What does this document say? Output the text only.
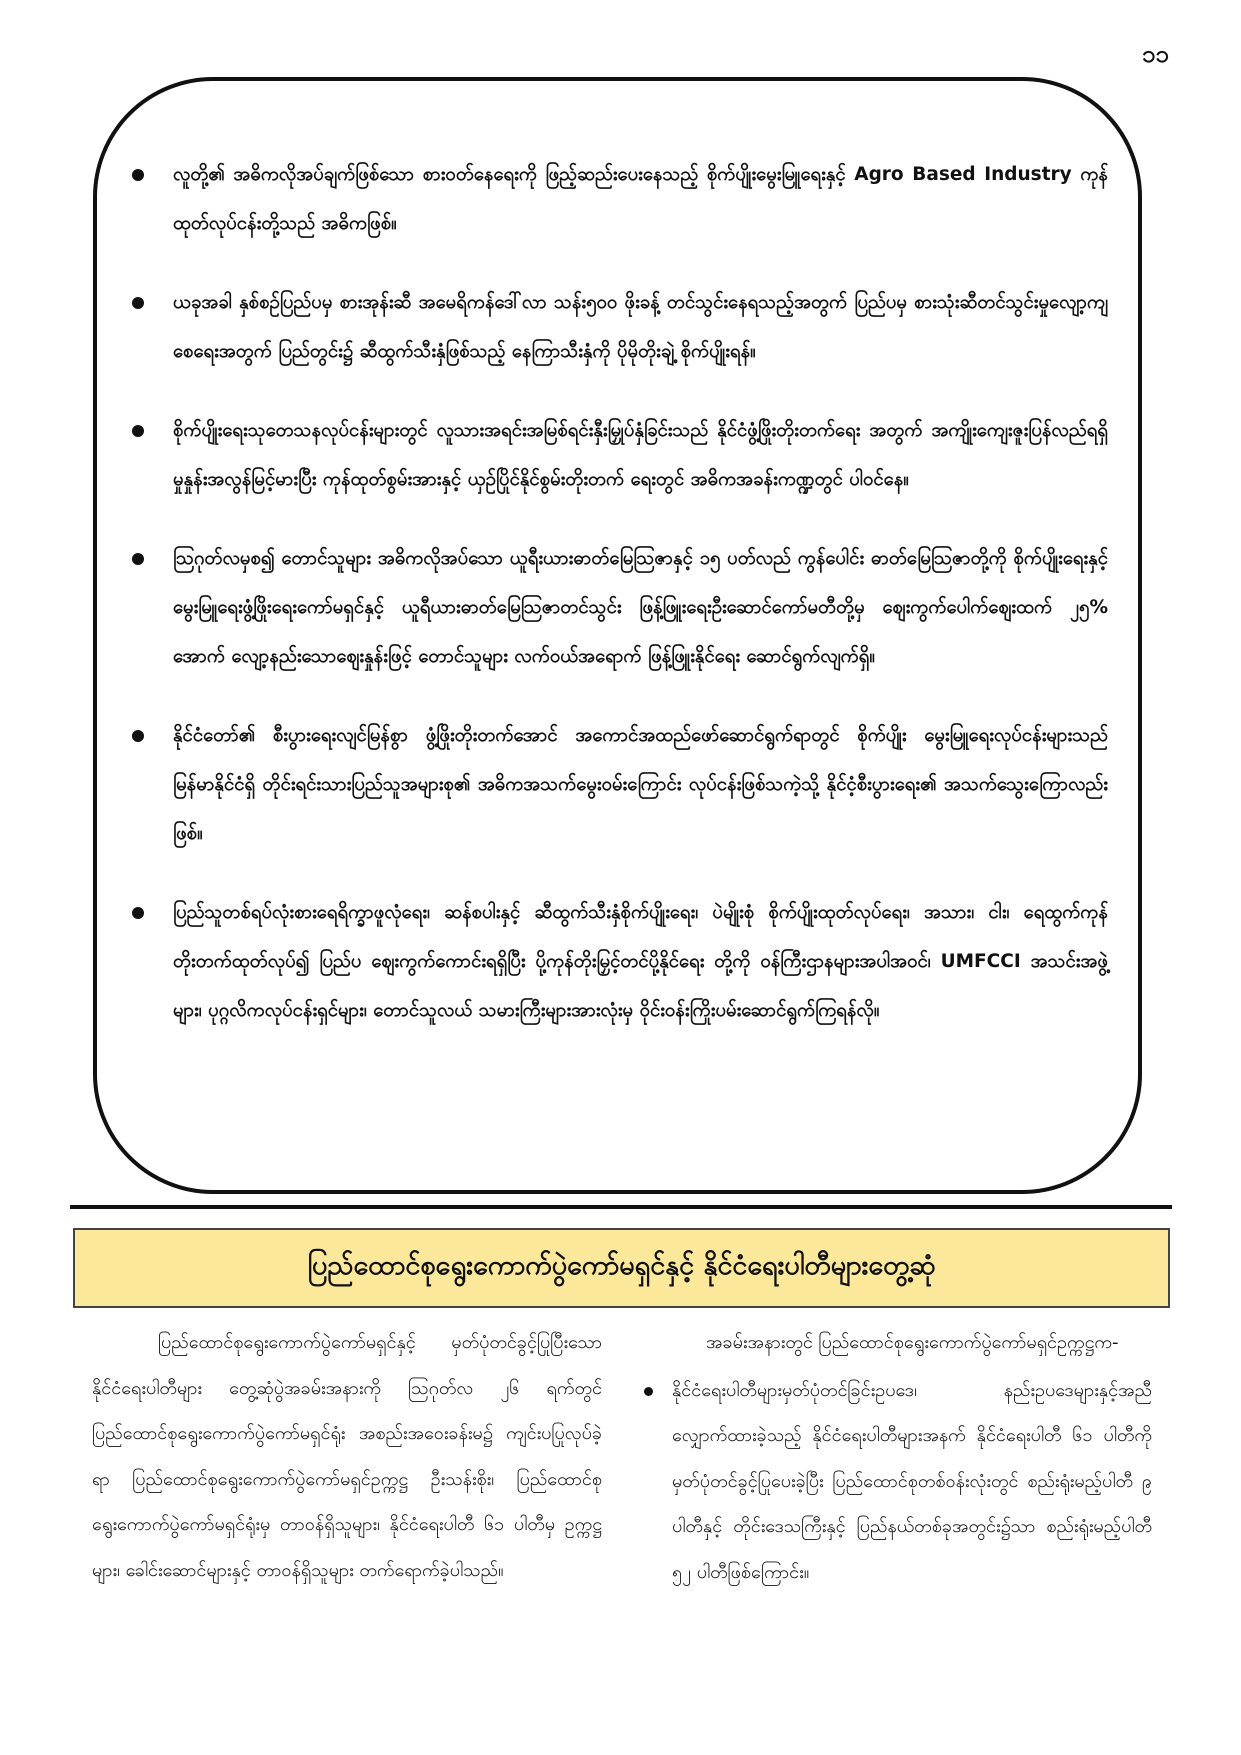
၁၁
လူတို့၏ အဓိကလိုအပ်ချက်ဖြစ်သော စားဝတ်နေရေးကို ဖြည့်ဆည်းပေးနေသည့် စိုက်ပျိုးမွေးမြူရေးနှင့် Agro Based Industry ကုန်ထုတ်လုပ်ငန်းတို့သည် အဓိကဖြစ်။
ယခုအခါ နှစ်စဉ်ပြည်ပမှ စားအုန်းဆီ အမေရိကန်ဒေါ်လာ သန်း၅၀၀ ဖိုးခန့် တင်သွင်းနေရသည့်အတွက် ပြည်ပမှ စားသုံးဆီတင်သွင်းမှုလျော့ကျစေရေးအတွက် ပြည်တွင်း၌ ဆီထွက်သီးနှံဖြစ်သည့် နေကြာသီးနှံကို ပိုမိုတိုးချဲ့ စိုက်ပျိုးရန်။
စိုက်ပျိုးရေးသုတေသနလုပ်ငန်းများတွင် လူသားအရင်းအမြစ်ရင်းနှီးမြှုပ်နှံခြင်းသည် နိုင်ငံဖွံ့ဖြိုးတိုးတက်ရေး အတွက် အကျိုးကျေးဇူးပြန်လည်ရရှိမှုနှုန်းအလွန်မြင့်မားပြီး ကုန်ထုတ်စွမ်းအားနှင့် ယှဉ်ပြိုင်နိုင်စွမ်းတိုးတက် ရေးတွင် အဓိကအခန်းကဏ္ဍတွင် ပါဝင်နေ။
ဩဂုတ်လမှစ၍ တောင်သူများ အဓိကလိုအပ်သော ယူရီးယားဓာတ်မြေဩဇာနှင့် ၁၅ ပတ်လည် ကွန်ပေါင်း ဓာတ်မြေဩဇာတို့ကို စိုက်ပျိုးရေးနှင့်မွေးမြူရေးဖွံ့ဖြိုးရေးကော်မရှင်နှင့် ယူရီယားဓာတ်မြေဩဇာတင်သွင်း ဖြန့်ဖြူးရေးဦးဆောင်ကော်မတီတို့မှ ဈေးကွက်ပေါက်ဈေးထက် ၂၅% အောက် လျော့နည်းသောဈေးနှုန်းဖြင့် တောင်သူများ လက်ဝယ်အရောက် ဖြန့်ဖြူးနိုင်ရေး ဆောင်ရွက်လျက်ရှိ။
နိုင်ငံတော်၏ စီးပွားရေးလျင်မြန်စွာ ဖွံ့ဖြိုးတိုးတက်အောင် အကောင်အထည်ဖော်ဆောင်ရွက်ရာတွင် စိုက်ပျိုး မွေးမြူရေးလုပ်ငန်းများသည် မြန်မာနိုင်ငံရှိ တိုင်းရင်းသားပြည်သူအများစု၏ အဓိကအသက်မွေးဝမ်းကြောင်း လုပ်ငန်းဖြစ်သကဲ့သို့ နိုင်ငံ့စီးပွားရေး၏ အသက်သွေးကြောလည်းဖြစ်။
ပြည်သူတစ်ရပ်လုံးစားရေရိက္ခာဖူလုံရေး၊ ဆန်စပါးနှင့် ဆီထွက်သီးနှံစိုက်ပျိုးရေး၊ ပဲမျိုးစုံ စိုက်ပျိုးထုတ်လုပ်ရေး၊ အသား၊ ငါး၊ ရေထွက်ကုန်တိုးတက်ထုတ်လုပ်၍ ပြည်ပ ဈေးကွက်ကောင်းရရှိပြီး ပို့ကုန်တိုးမြှင့်တင်ပို့နိုင်ရေး တို့ကို ဝန်ကြီးဌာနများအပါအဝင်၊ UMFCCI အသင်းအဖွဲ့များ၊ ပုဂ္ဂလိကလုပ်ငန်းရှင်များ၊ တောင်သူလယ် သမားကြီးများအားလုံးမှ ဝိုင်းဝန်းကြိုးပမ်းဆောင်ရွက်ကြရန်လို။
ပြည်ထောင်စုရွေးကောက်ပွဲကော်မရှင်နှင့် နိုင်ငံရေးပါတီများတွေ့ဆုံ

ပြည်ထောင်စုရွေးကောက်ပွဲကော်မရှင်နှင့် မှတ်ပုံတင်ခွင့်ပြုပြီးသော နိုင်ငံရေးပါတီများ တွေ့ဆုံပွဲအခမ်းအနားကို ဩဂုတ်လ ၂၆ ရက်တွင် ပြည်ထောင်စုရွေးကောက်ပွဲကော်မရှင်ရုံး အစည်းအဝေးခန်းမ၌ ကျင်းပပြုလုပ်ခဲ့ရာ ပြည်ထောင်စုရွေးကောက်ပွဲကော်မရှင်ဥက္ကဋ္ဌ ဦးသန်းစိုး၊ ပြည်ထောင်စုရွေးကောက်ပွဲကော်မရှင်ရုံးမှ တာဝန်ရှိသူများ၊ နိုင်ငံရေးပါတီ ၆၁ ပါတီမှ ဥက္ကဋ္ဌများ၊ ခေါင်းဆောင်များနှင့် တာဝန်ရှိသူများ တက်ရောက်ခဲ့ပါသည်။

အခမ်းအနားတွင် ပြည်ထောင်စုရွေးကောက်ပွဲကော်မရှင်ဥက္ကဋ္ဌက-

နိုင်ငံရေးပါတီများမှတ်ပုံတင်ခြင်းဥပဒေ၊ နည်းဥပဒေများနှင့်အညီ လျှောက်ထားခဲ့သည့် နိုင်ငံရေးပါတီများအနက် နိုင်ငံရေးပါတီ ၆၁ ပါတီကို မှတ်ပုံတင်ခွင့်ပြုပေးခဲ့ပြီး ပြည်ထောင်စုတစ်ဝန်းလုံးတွင် စည်းရုံးမည့်ပါတီ ၉ ပါတီနှင့် တိုင်းဒေသကြီးနှင့် ပြည်နယ်တစ်ခုအတွင်း၌သာ စည်းရုံးမည့်ပါတီ ၅၂ ပါတီဖြစ်ကြောင်း။
